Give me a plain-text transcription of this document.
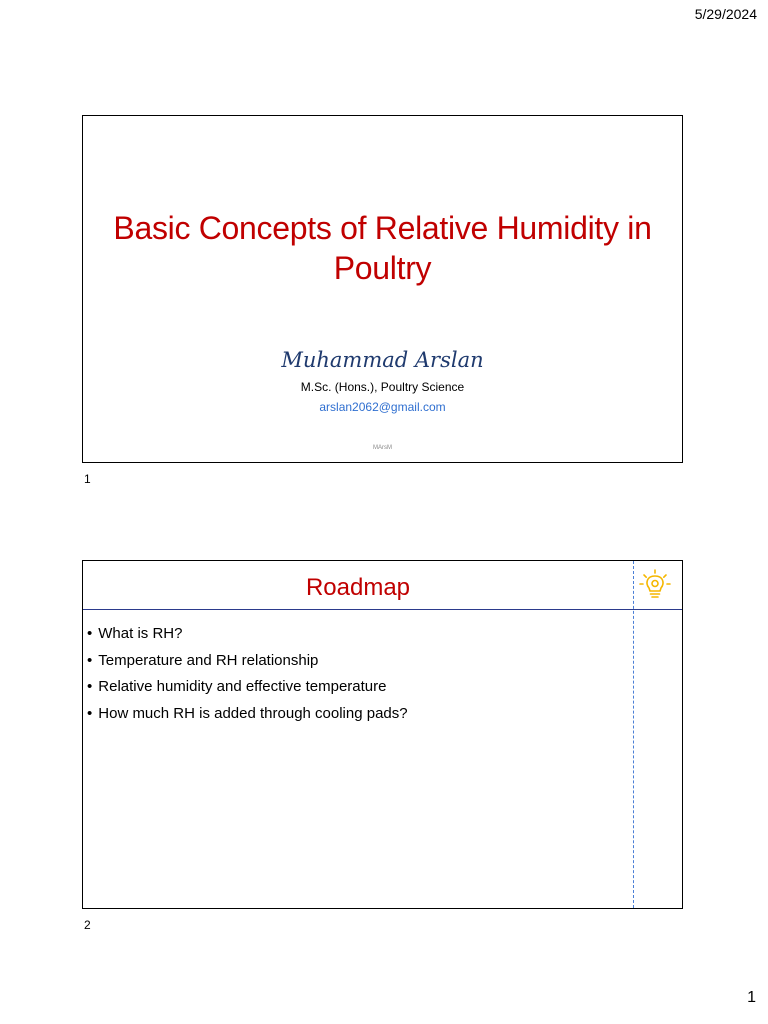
5/29/2024
Basic Concepts of Relative Humidity in Poultry
Muhammad Arslan
M.Sc. (Hons.), Poultry Science
arslan2062@gmail.com
MArsM
1
Roadmap
• What is RH?
• Temperature and RH relationship
• Relative humidity and effective temperature
• How much RH is added through cooling pads?
2
1
